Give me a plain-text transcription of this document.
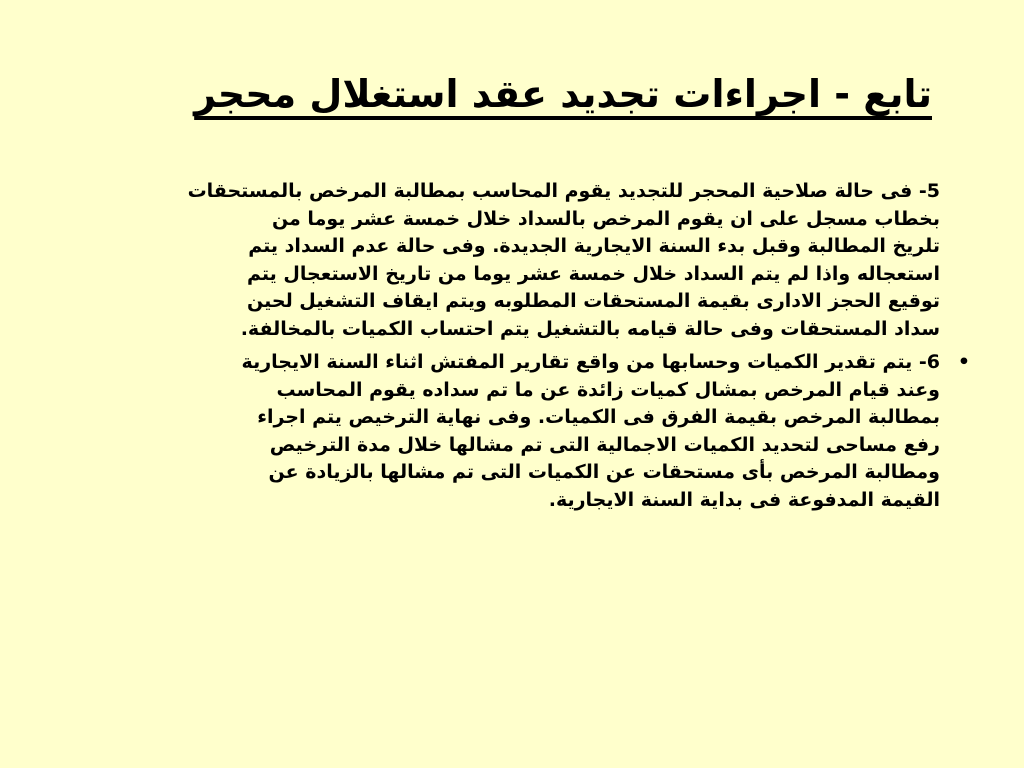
تابع - اجراءات تجديد عقد استغلال محجر
5- فى حالة صلاحية المحجر للتجديد يقوم المحاسب بمطالبة المرخص بالمستحقات
بخطاب مسجل على ان يقوم المرخص بالسداد خلال خمسة عشر يوما من
تلريخ المطالبة وقبل بدء السنة الايجارية الجديدة. وفى حالة عدم السداد يتم
استعجاله واذا لم يتم السداد خلال خمسة عشر يوما من تاريخ الاستعجال يتم
توقيع الحجز الادارى بقيمة المستحقات المطلوبه ويتم ايقاف التشغيل لحين
سداد المستحقات وفى حالة قيامه بالتشغيل يتم احتساب الكميات بالمخالفة.
•
6- يتم تقدير الكميات وحسابها من واقع تقارير المفتش اثناء السنة الايجارية
وعند قيام المرخص بمشال كميات زائدة عن ما تم سداده يقوم المحاسب
بمطالبة المرخص بقيمة الفرق فى الكميات. وفى نهاية الترخيص يتم اجراء
رفع مساحى لتحديد الكميات الاجمالية التى تم مشالها خلال مدة الترخيص
ومطالبة المرخص بأى مستحقات عن الكميات التى تم مشالها بالزيادة عن
القيمة المدفوعة فى بداية السنة الايجارية.
